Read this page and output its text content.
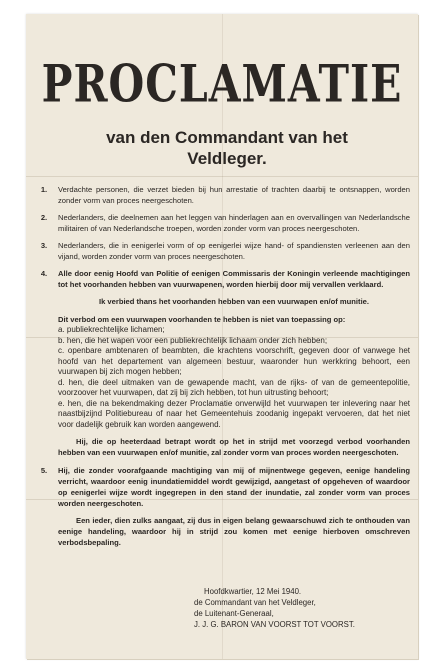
PROCLAMATIE
van den Commandant van het Veldleger.
1.	Verdachte personen, die verzet bieden bij hun arrestatie of trachten daarbij te ontsnappen, worden zonder vorm van proces neergeschoten.
2.	Nederlanders, die deelnemen aan het leggen van hinderlagen aan en overvallingen van Nederlandsche militairen of van Nederlandsche troepen, worden zonder vorm van proces neergeschoten.
3.	Nederlanders, die in eenigerlei vorm of op eenigerlei wijze hand- of spandiensten verleenen aan den vijand, worden zonder vorm van proces neergeschoten.
4.	Alle door eenig Hoofd van Politie of eenigen Commissaris der Koningin verleende machtigingen tot het voorhanden hebben van vuurwapenen, worden hierbij door mij vervallen verklaard.
Ik verbied thans het voorhanden hebben van een vuurwapen en/of munitie.
Dit verbod om een vuurwapen voorhanden te hebben is niet van toepassing op:
a. publiekrechtelijke lichamen;
b. hen, die het wapen voor een publiekrechtelijk lichaam onder zich hebben;
c. openbare ambtenaren of beambten, die krachtens voorschrift, gegeven door of vanwege het hoofd van het departement van algemeen bestuur, waaronder hun werkkring behoort, een vuurwapen bij zich mogen hebben;
d. hen, die deel uitmaken van de gewapende macht, van de rijks- of van de gemeentepolitie, voorzoover het vuurwapen, dat zij bij zich hebben, tot hun uitrusting behoort;
e. hen, die na bekendmaking dezer Proclamatie onverwijld het vuurwapen ter inlevering naar het naastbijzijnd Politiebureau of naar het Gemeentehuis zoodanig ingepakt vervoeren, dat het niet voor dadelijk gebruik kan worden aangewend.
Hij, die op heeterdaad betrapt wordt op het in strijd met voorzegd verbod voorhanden hebben van een vuurwapen en/of munitie, zal zonder vorm van proces worden neergeschoten.
5.	Hij, die zonder voorafgaande machtiging van mij of mijnentwege gegeven, eenige handeling verricht, waardoor eenig inundatiemiddel wordt gewijzigd, aangetast of opgeheven of waardoor op eenigerlei wijze wordt ingegrepen in den stand der inundatie, zal zonder vorm van proces worden neergeschoten.
Een ieder, dien zulks aangaat, zij dus in eigen belang gewaarschuwd zich te onthouden van eenige handeling, waardoor hij in strijd zou komen met eenige hierboven omschreven verbodsbepaling.
Hoofdkwartier, 12 Mei 1940.
de Commandant van het Veldleger,
de Luitenant-Generaal,
J. J. G. BARON VAN VOORST TOT VOORST.
